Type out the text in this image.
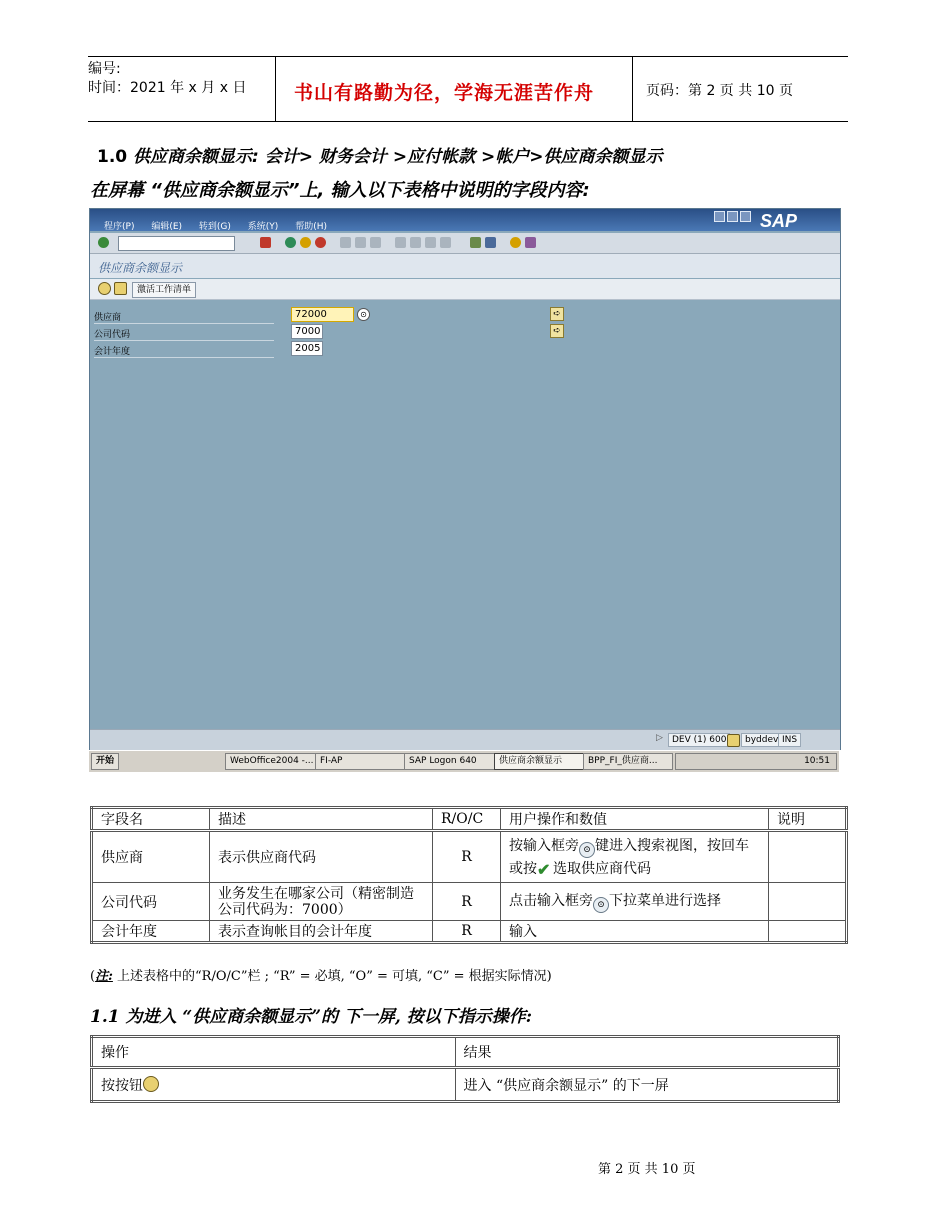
编号:
时间：2021 年 x 月 x 日	书山有路勤为径，学海无涯苦作舟	页码：第 2 页 共 10 页
1.0 供应商余额显示: 会计> 财务会计 >应付帐款 >帐户>供应商余额显示
在屏幕 “供应商余额显示”上, 输入以下表格中说明的字段内容:
程序(P) 编辑(E) 转到(G) 系统(Y) 帮助(H)	SAP
供应商余额显示
激活工作清单
供应商	72000	⊙	➪
公司代码	7000	➪
会计年度	2005
▷	DEV (1) 600	byddev INS
开始	WebOffice2004 -... FI-AP	SAP Logon 640	供应商余额显示	BPP_FI_供应商...	10:51
字段名	描述	R/O/C	用户操作和数值	说明
供应商	表示供应商代码	R	按输入框旁 ⊙ 键进入搜索视图，按回车或按✔ 选取供应商代码	
公司代码	业务发生在哪家公司（精密制造公司代码为：7000）	R	点击输入框旁 ⊙ 下拉菜单进行选择	
会计年度	表示查询帐目的会计年度	R	输入	
(注: 上述表格中的“R/O/C”栏 ; “R” = 必填, “O” = 可填, “C” = 根据实际情况)
1.1 为进入 “供应商余额显示”的 下一屏, 按以下指示操作:
操作	结果
按按钮	进入 “供应商余额显示” 的下一屏
第 2 页 共 10 页
